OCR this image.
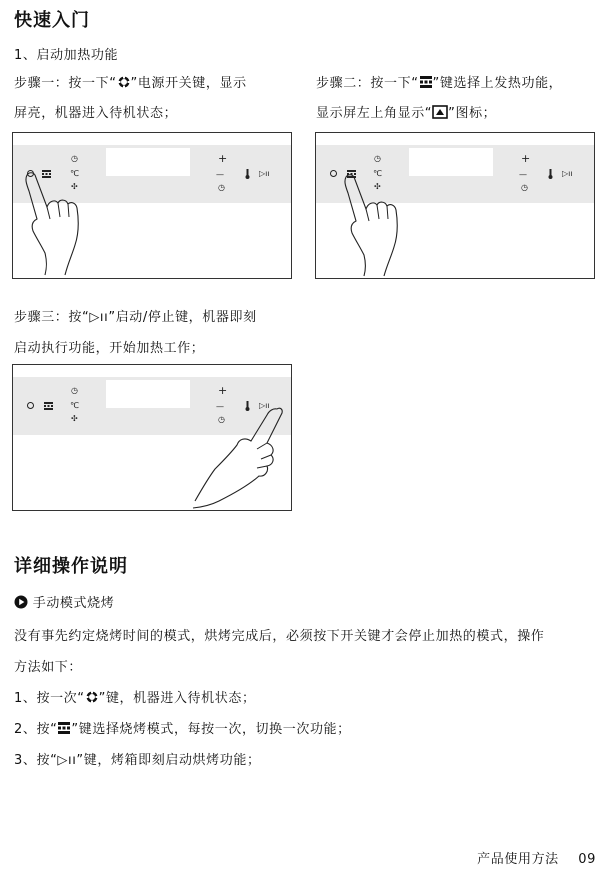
快速入门
1、启动加热功能
步骤一：按一下“ ”电源开关键，显示
屏亮，机器进入待机状态；
步骤二：按一下“ ”键选择上发热功能，
显示屏左上角显示“ ”图标；
◷
℃
✣
+
—
◷
▷ıı
◷
℃
✣
+
—
◷
▷ıı
步骤三：按“▷ıı”启动/停止键，机器即刻
启动执行功能，开始加热工作；
◷
℃
✣
+
—
◷
▷ıı
详细操作说明
手动模式烧烤
没有事先约定烧烤时间的模式，烘烤完成后，必须按下开关键才会停止加热的模式，操作
方法如下：
1、按一次“ ”键，机器进入待机状态；
2、按“ ”键选择烧烤模式，每按一次，切换一次功能；
3、按“▷ıı”键，烤箱即刻启动烘烤功能；
产品使用方法 09
